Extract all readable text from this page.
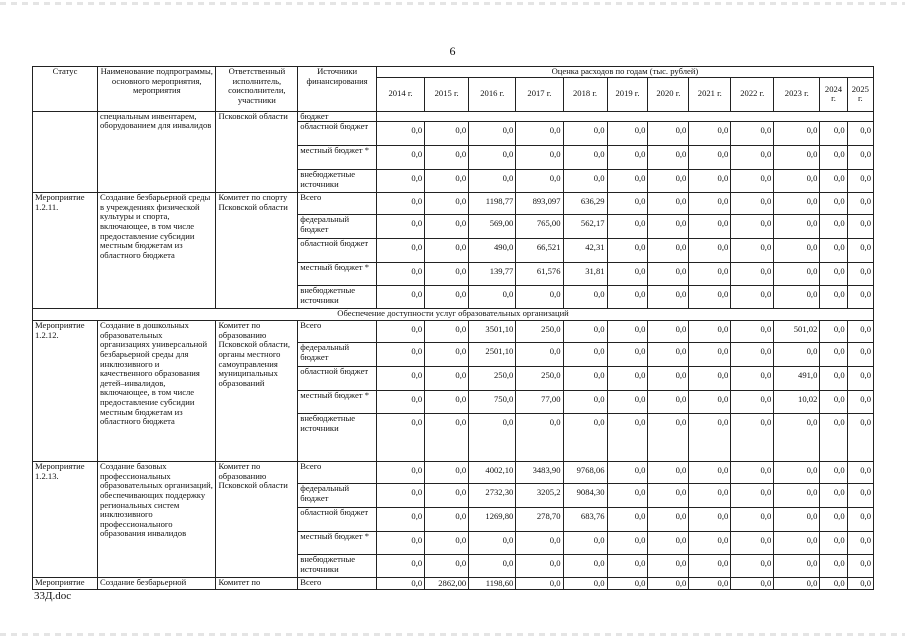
6
Статус	Наименование подпрограммы, основного мероприятия, мероприятия	Ответственный исполнитель, соисполнители, участники	Источники финансирования	Оценка расходов по годам (тыс. рублей)											
				2014 г.	2015 г.	2016 г.	2017 г.	2018 г.	2019 г.	2020 г.	2021 г.	2022 г.	2023 г.	2024 г.	2025 г.
	специальным инвентарем, оборудованием для инвалидов	Псковской области	бюджет												
			областной бюджет	0,0	0,0	0,0	0,0	0,0	0,0	0,0	0,0	0,0	0,0	0,0	0,0
			местный бюджет *	0,0	0,0	0,0	0,0	0,0	0,0	0,0	0,0	0,0	0,0	0,0	0,0
			внебюджетные источники	0,0	0,0	0,0	0,0	0,0	0,0	0,0	0,0	0,0	0,0	0,0	0,0
Мероприятие 1.2.11.	Создание безбарьерной среды в учреждениях физической культуры и спорта, включающее, в том числе предоставление субсидии местным бюджетам из областного бюджета	Комитет по спорту Псковской области	Всего	0,0	0,0	1198,77	893,097	636,29	0,0	0,0	0,0	0,0	0,0	0,0	0,0
			федеральный бюджет	0,0	0,0	569,00	765,00	562,17	0,0	0,0	0,0	0,0	0,0	0,0	0,0
			областной бюджет	0,0	0,0	490,0	66,521	42,31	0,0	0,0	0,0	0,0	0,0	0,0	0,0
			местный бюджет *	0,0	0,0	139,77	61,576	31,81	0,0	0,0	0,0	0,0	0,0	0,0	0,0
			внебюджетные источники	0,0	0,0	0,0	0,0	0,0	0,0	0,0	0,0	0,0	0,0	0,0	0,0
Обеспечение доступности услуг образовательных организаций															
Мероприятие 1.2.12.	Создание в дошкольных образовательных организациях универсальной безбарьерной среды для инклюзивного и качественного образования детей–инвалидов, включающее, в том числе предоставление субсидии местным бюджетам из областного бюджета	Комитет по образованию Псковской области, органы местного самоуправления муниципальных образований	Всего	0,0	0,0	3501,10	250,0	0,0	0,0	0,0	0,0	0,0	501,02	0,0	0,0
			федеральный бюджет	0,0	0,0	2501,10	0,0	0,0	0,0	0,0	0,0	0,0	0,0	0,0	0,0
			областной бюджет	0,0	0,0	250,0	250,0	0,0	0,0	0,0	0,0	0,0	491,0	0,0	0,0
			местный бюджет *	0,0	0,0	750,0	77,00	0,0	0,0	0,0	0,0	0,0	10,02	0,0	0,0
			внебюджетные источники	0,0	0,0	0,0	0,0	0,0	0,0	0,0	0,0	0,0	0,0	0,0	0,0
Мероприятие 1.2.13.	Создание базовых профессиональных образовательных организаций, обеспечивающих поддержку региональных систем инклюзивного профессионального образования инвалидов	Комитет по образованию Псковской области	Всего	0,0	0,0	4002,10	3483,90	9768,06	0,0	0,0	0,0	0,0	0,0	0,0	0,0
			федеральный бюджет	0,0	0,0	2732,30	3205,2	9084,30	0,0	0,0	0,0	0,0	0,0	0,0	0,0
			областной бюджет	0,0	0,0	1269,80	278,70	683,76	0,0	0,0	0,0	0,0	0,0	0,0	0,0
			местный бюджет *	0,0	0,0	0,0	0,0	0,0	0,0	0,0	0,0	0,0	0,0	0,0	0,0
			внебюджетные источники	0,0	0,0	0,0	0,0	0,0	0,0	0,0	0,0	0,0	0,0	0,0	0,0
Мероприятие	Создание безбарьерной	Комитет по	Всего	0,0	2862,00	1198,60	0,0	0,0	0,0	0,0	0,0	0,0	0,0	0,0	0,0
33Д.doc
